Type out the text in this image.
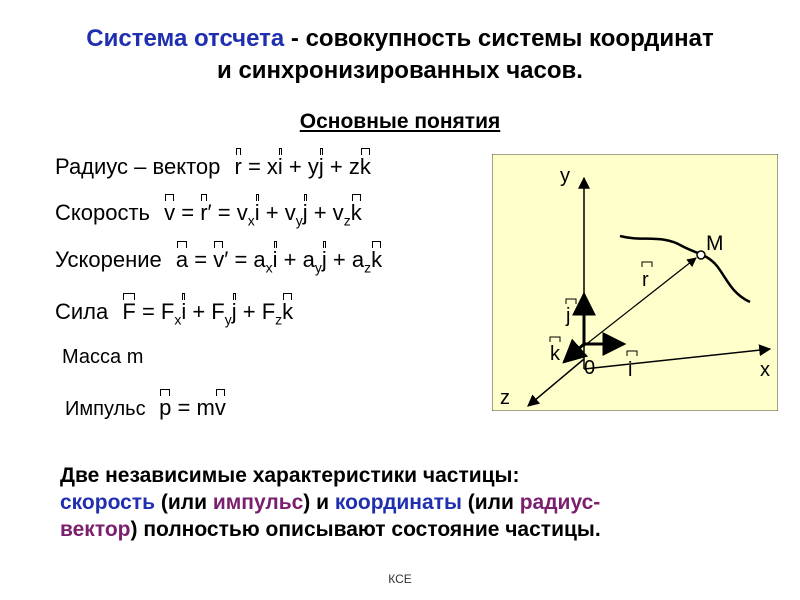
Система отсчета - совокупность системы координат
и синхронизированных часов.
Основные понятия
Радиус – вектор r = xi + yj + zk
Скорость $v = r' = v_xi + v_yj + v_zk$
Ускорение $a = v' = a_xi + a_yj + a_zk$
Сила $F = F_xi + F_yj + F_zk$
Масса m
Импульс p = mv
y
x
z
0
M
r
i
j
k
Две независимые характеристики частицы:
скорость (или импульс) и координаты (или радиус-
вектор) полностью описывают состояние частицы.
КСЕ
